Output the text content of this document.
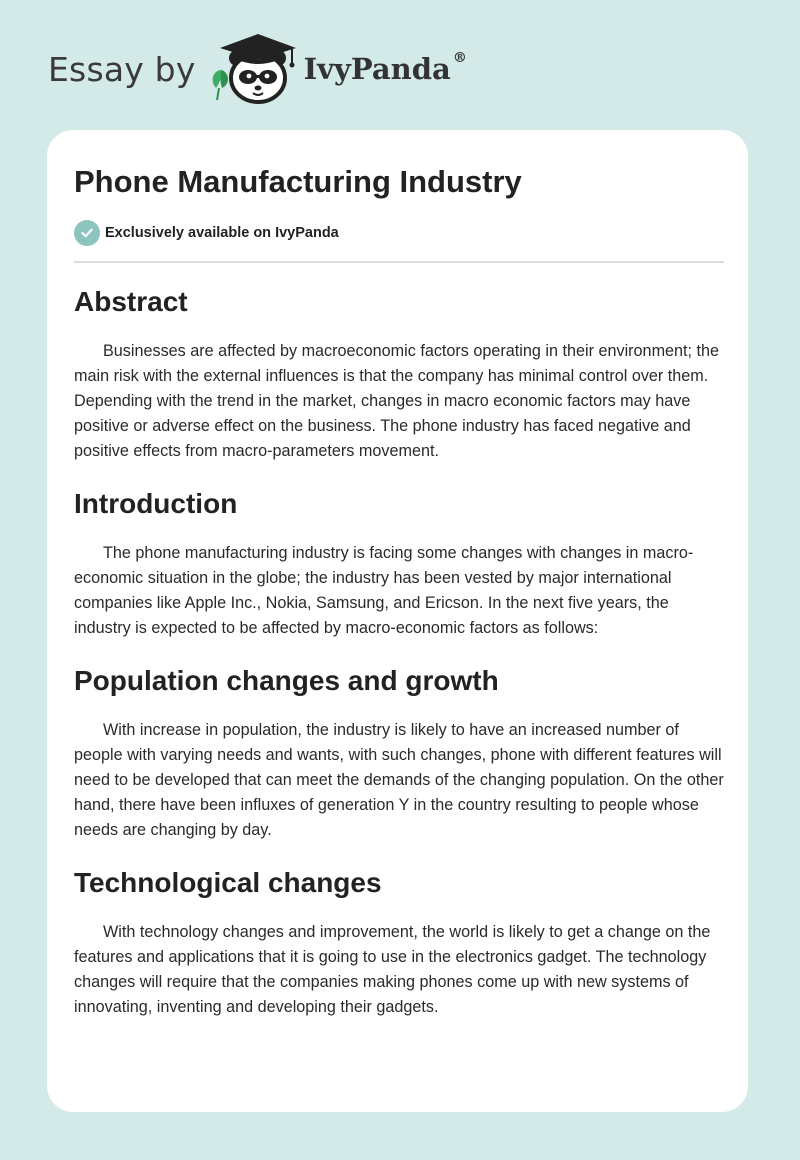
Essay by	IvyPanda ®
Phone Manufacturing Industry
Exclusively available on IvyPanda
Abstract

Businesses are affected by macroeconomic factors operating in their environment; the main risk with the external influences is that the company has minimal control over them. Depending with the trend in the market, changes in macro economic factors may have positive or adverse effect on the business. The phone industry has faced negative and positive effects from macro-parameters movement.

Introduction

The phone manufacturing industry is facing some changes with changes in macro-economic situation in the globe; the industry has been vested by major international companies like Apple Inc., Nokia, Samsung, and Ericson. In the next five years, the industry is expected to be affected by macro-economic factors as follows:

Population changes and growth

With increase in population, the industry is likely to have an increased number of people with varying needs and wants, with such changes, phone with different features will need to be developed that can meet the demands of the changing population. On the other hand, there have been influxes of generation Y in the country resulting to people whose needs are changing by day.

Technological changes

With technology changes and improvement, the world is likely to get a change on the features and applications that it is going to use in the electronics gadget. The technology changes will require that the companies making phones come up with new systems of innovating, inventing and developing their gadgets.
